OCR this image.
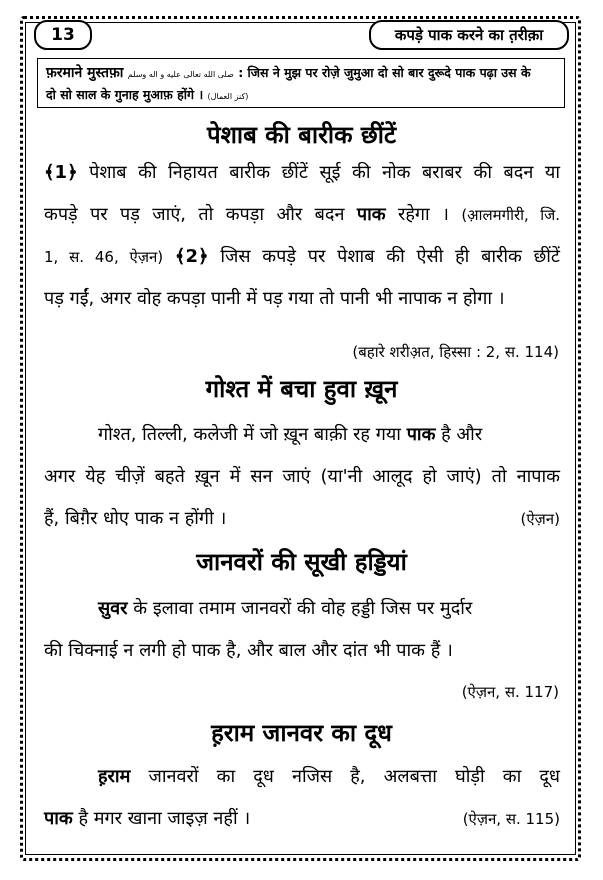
13	कपड़े पाक करने का त़रीक़ा
फ़रमाने मुस्तफ़ा صلى الله تعالى عليه و اله وسلم : जिस ने मुझ पर रोज़े जुमुआ दो सो बार दुरूदे पाक पढ़ा उस के
दो सो साल के गुनाह मुआफ़ होंगे । (كنز العمال)
पेशाब की बारीक छींटें
﴾1﴿ पेशाब की निहायत बारीक छींटें सूई की नोक बराबर की बदन या
कपड़े पर पड़ जाएं, तो कपड़ा और बदन पाक रहेगा । (आ़लमगीरी, जि.
1, स. 46, ऐज़न) ﴾2﴿ जिस कपड़े पर पेशाब की ऐसी ही बारीक छींटें
पड़ गईं, अगर वोह कपड़ा पानी में पड़ गया तो पानी भी नापाक न होगा ।
(बहारे शरीअ़त, हिस्सा : 2, स. 114)
गोश्त में बचा हुवा ख़ून
गोश्त, तिल्ली, कलेजी में जो ख़ून बाक़ी रह गया पाक है और
अगर येह चीज़ें बहते ख़ून में सन जाएं (या'नी आलूद हो जाएं) तो नापाक
हैं, बिग़ैर धोए पाक न होंगी ।	(ऐज़न)
जानवरों की सूखी हड्डियां
सुवर के इलावा तमाम जानवरों की वोह हड्डी जिस पर मुर्दार
की चिक्नाई न लगी हो पाक है, और बाल और दांत भी पाक हैं ।
(ऐज़न, स. 117)
ह़राम जानवर का दूध
ह़राम जानवरों का दूध नजिस है, अलबत्ता घोड़ी का दूध
पाक है मगर खाना जाइज़ नहीं ।	(ऐज़न, स. 115)
